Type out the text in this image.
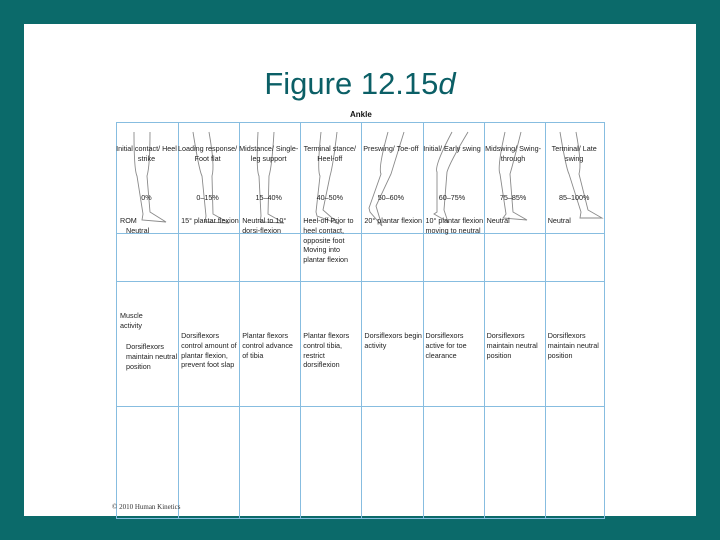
Figure 12.15d
Ankle
© 2010 Human Kinetics
Initial contact/ Heel strike
0%
Neutral
Dorsiflexors maintain neutral position
Loading response/ Foot flat
0–15%
15° plantar flexion
Dorsiflexors control amount of plantar flexion, prevent foot slap
Midstance/ Single-leg support
15–40%
Neutral to 10° dorsi-flexion
Plantar flexors control advance of tibia
Terminal stance/ Heel-off
40–50%
Heel-off Prior to heel contact, opposite foot Moving into plantar flexion
Plantar flexors control tibia, restrict dorsiflexion
Preswing/ Toe-off
50–60%
20° plantar flexion
Dorsiflexors begin activity
Initial/ Early swing
60–75%
10° plantar flexion moving to neutral
Dorsiflexors active for toe clearance
Midswing/ Swing-through
75–85%
Neutral
Dorsiflexors maintain neutral position
Terminal/ Late swing
85–100%
Neutral
Dorsiflexors maintain neutral position
ROM
Muscle activity
